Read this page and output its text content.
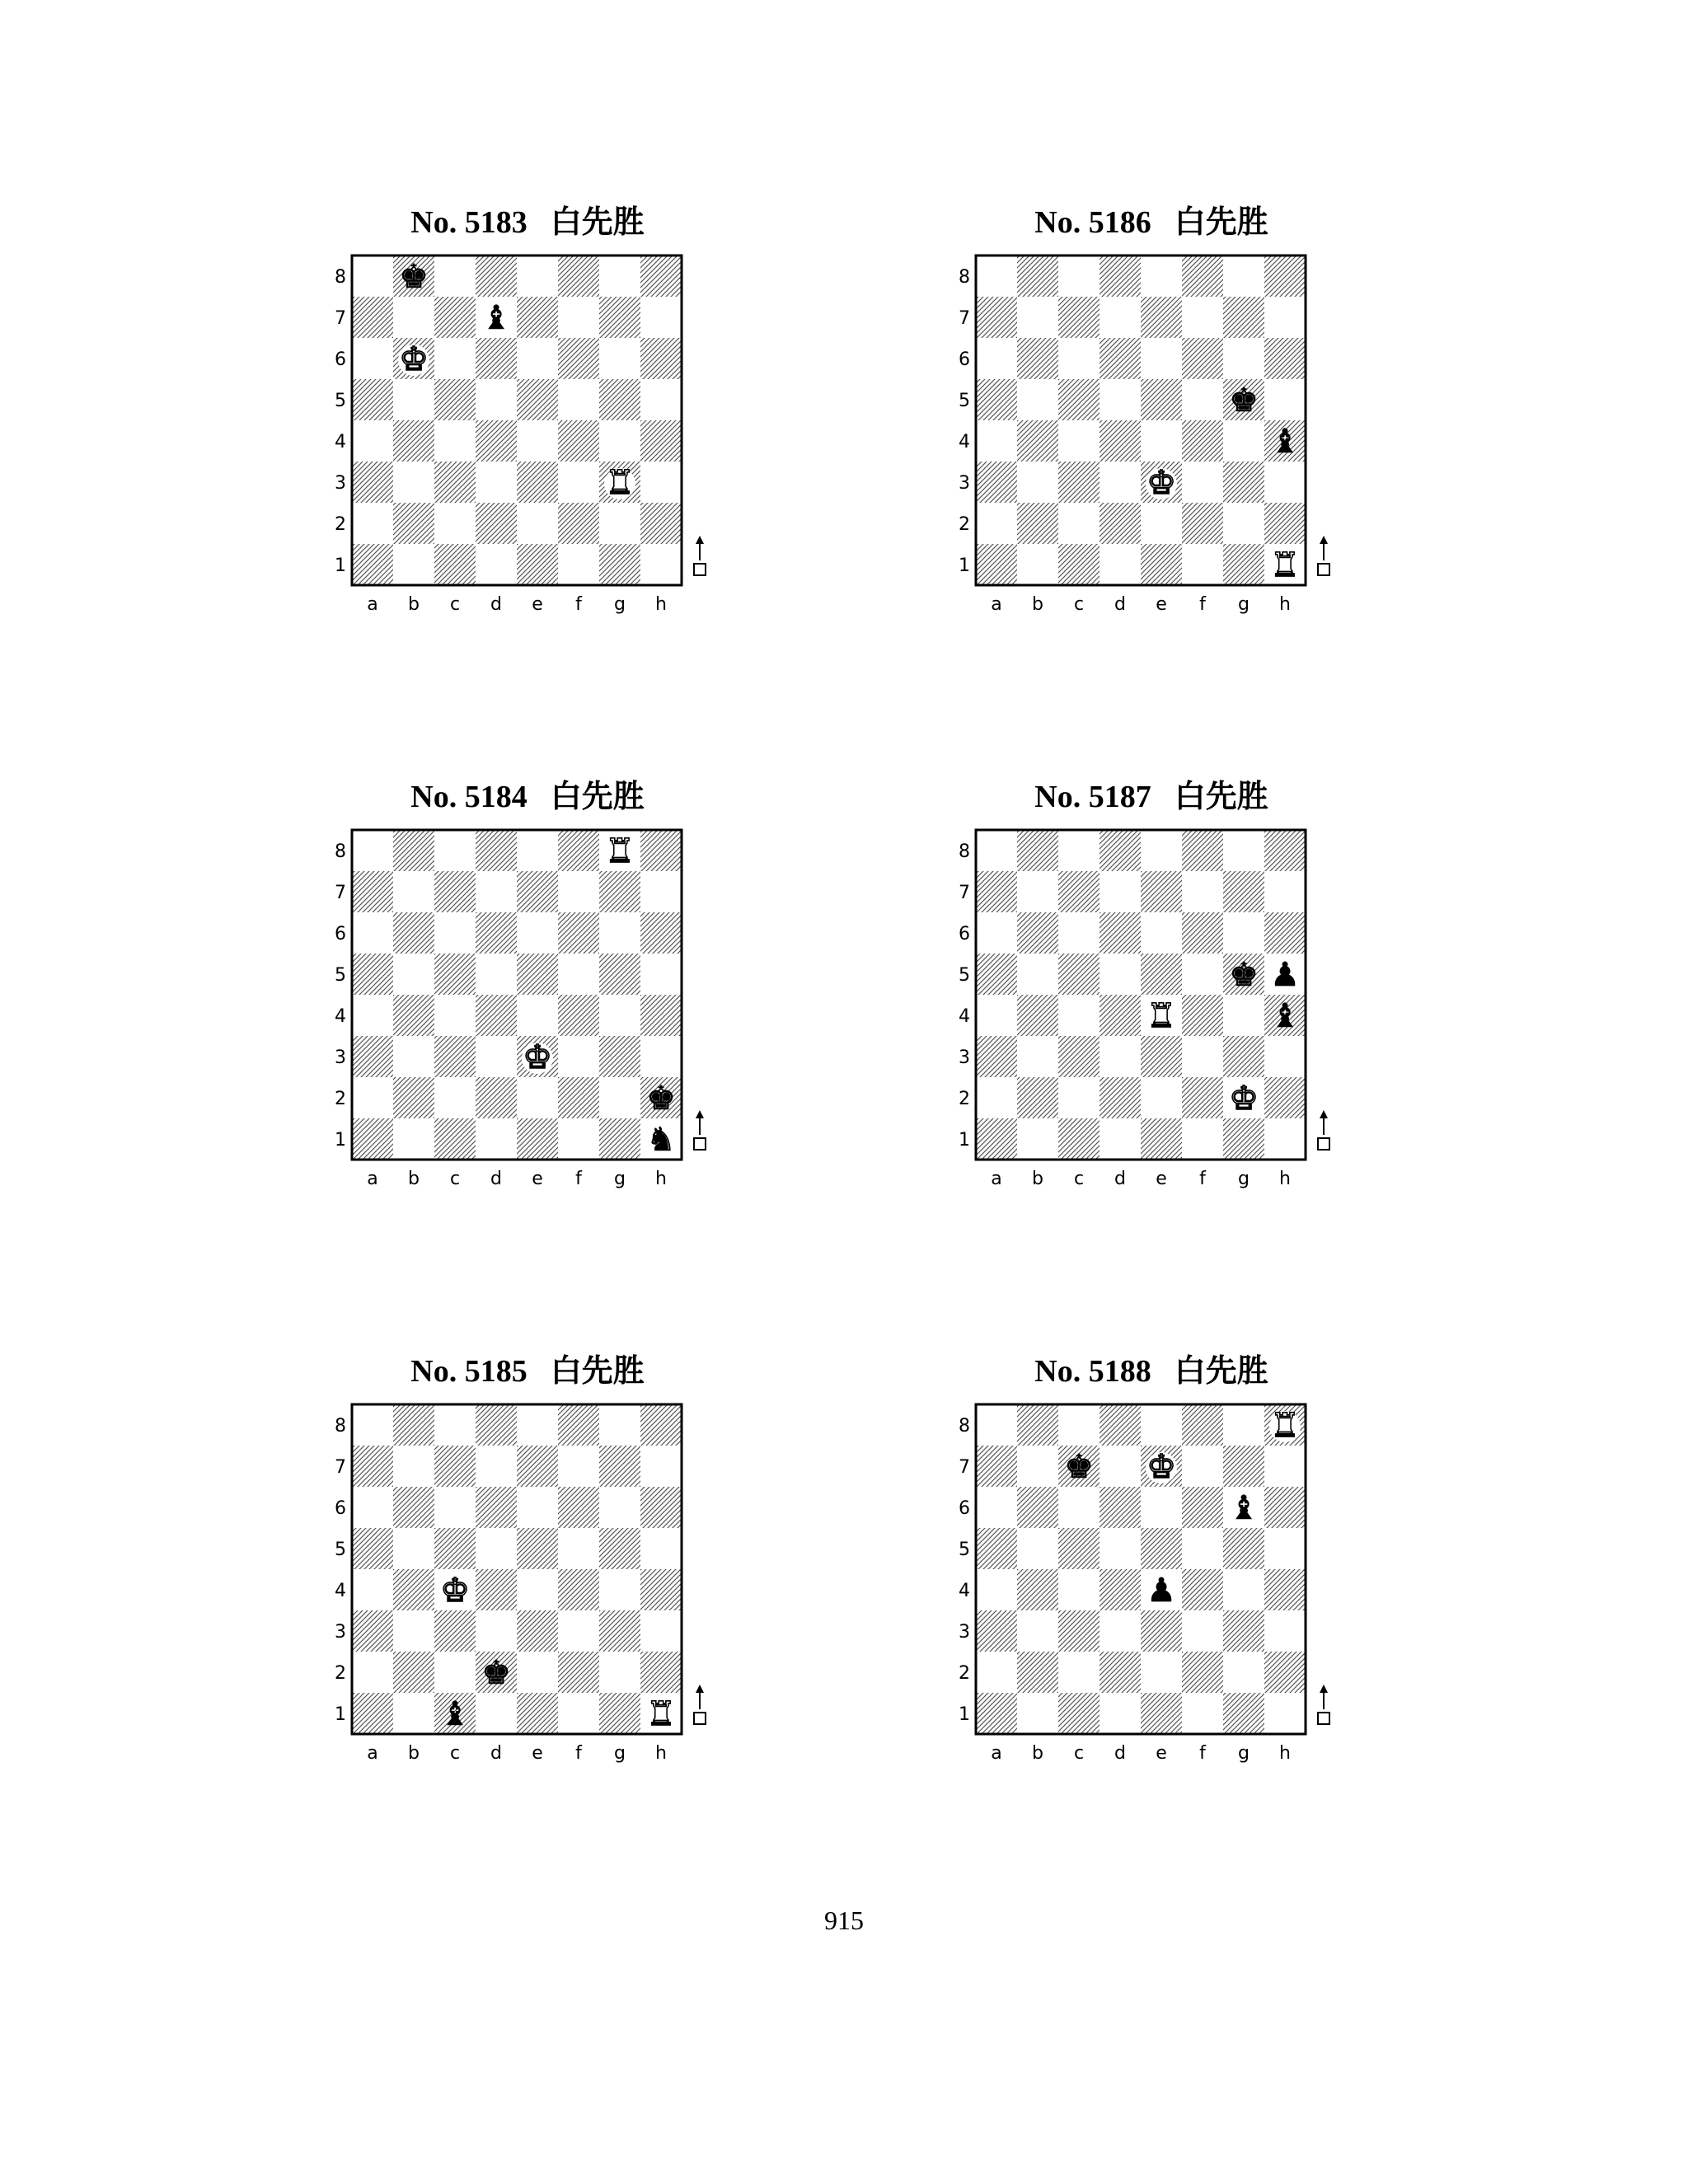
No. 5183 白先胜
8
7
6
5
4
3
2
1
a b c d e f g h
♚
♝
♚
♜
No. 5186 白先胜
8
7
6
5
4
3
2
1
a b c d e f g h
♚
♝
♚
♜
No. 5184 白先胜
8
7
6
5
4
3
2
1
a b c d e f g h
♜
♚
♚
♞
No. 5187 白先胜
8
7
6
5
4
3
2
1
a b c d e f g h
♚ ♟
♝
♜
♚
No. 5185 白先胜
8
7
6
5
4
3
2
1
a b c d e f g h
♚
♚
♝	♜
No. 5188 白先胜
8
7
6
5
4
3
2
1
a b c d e f g h
♜
♚ ♚
♝
♟
915
